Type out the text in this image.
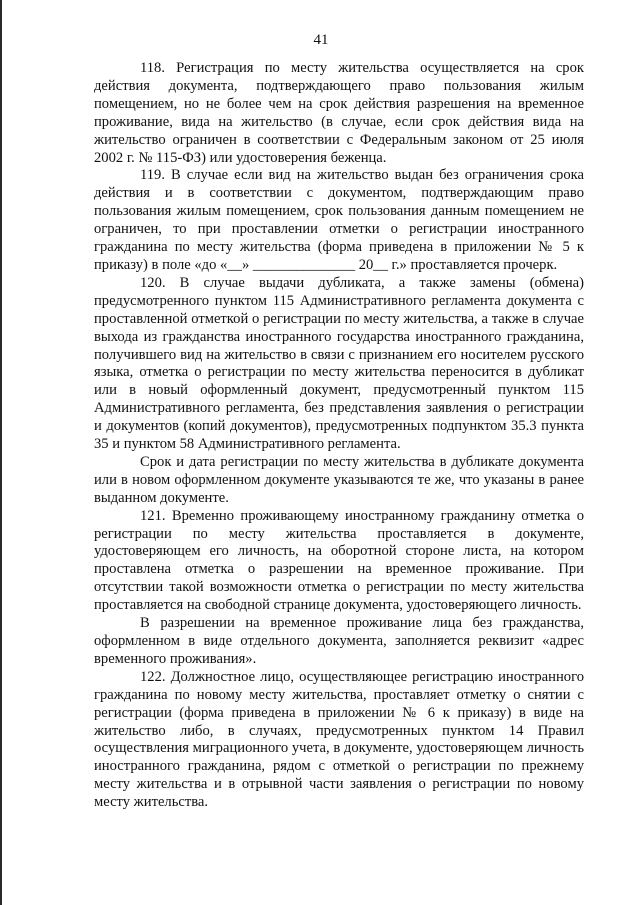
41

118. Регистрация по месту жительства осуществляется на срок действия документа, подтверждающего право пользования жилым помещением, но не более чем на срок действия разрешения на временное проживание, вида на жительство (в случае, если срок действия вида на жительство ограничен в соответствии с Федеральным законом от 25 июля 2002 г. № 115-ФЗ) или удостоверения беженца.

119. В случае если вид на жительство выдан без ограничения срока действия и в соответствии с документом, подтверждающим право пользования жилым помещением, срок пользования данным помещением не ограничен, то при проставлении отметки о регистрации иностранного гражданина по месту жительства (форма приведена в приложении № 5 к приказу) в поле «до «__» ______________ 20__ г.» проставляется прочерк.

120. В случае выдачи дубликата, а также замены (обмена) предусмотренного пунктом 115 Административного регламента документа с проставленной отметкой о регистрации по месту жительства, а также в случае выхода из гражданства иностранного государства иностранного гражданина, получившего вид на жительство в связи с признанием его носителем русского языка, отметка о регистрации по месту жительства переносится в дубликат или в новый оформленный документ, предусмотренный пунктом 115 Административного регламента, без представления заявления о регистрации и документов (копий документов), предусмотренных подпунктом 35.3 пункта 35 и пунктом 58 Административного регламента.

Срок и дата регистрации по месту жительства в дубликате документа или в новом оформленном документе указываются те же, что указаны в ранее выданном документе.

121. Временно проживающему иностранному гражданину отметка о регистрации по месту жительства проставляется в документе, удостоверяющем его личность, на оборотной стороне листа, на котором проставлена отметка о разрешении на временное проживание. При отсутствии такой возможности отметка о регистрации по месту жительства проставляется на свободной странице документа, удостоверяющего личность.

В разрешении на временное проживание лица без гражданства, оформленном в виде отдельного документа, заполняется реквизит «адрес временного проживания».

122. Должностное лицо, осуществляющее регистрацию иностранного гражданина по новому месту жительства, проставляет отметку о снятии с регистрации (форма приведена в приложении № 6 к приказу) в виде на жительство либо, в случаях, предусмотренных пунктом 14 Правил осуществления миграционного учета, в документе, удостоверяющем личность иностранного гражданина, рядом с отметкой о регистрации по прежнему месту жительства и в отрывной части заявления о регистрации по новому месту жительства.
